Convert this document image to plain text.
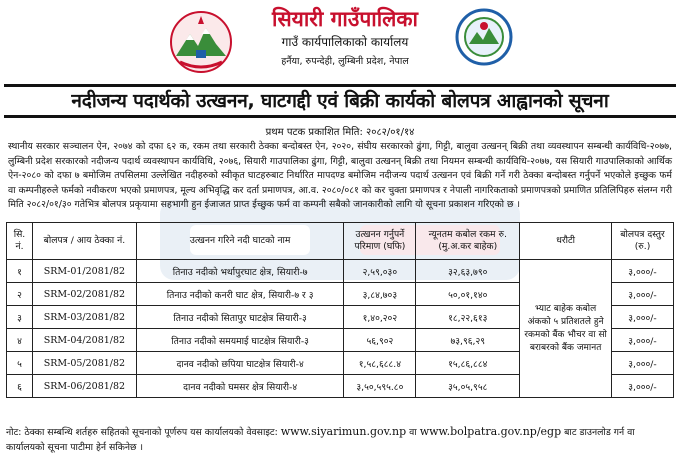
सियारी गाउँपालिका
गाउँ कार्यपालिकाको कार्यालय
हर्नैया, रुपन्देही, लुम्बिनी प्रदेश, नेपाल
नदीजन्य पदार्थको उत्खनन, घाटगद्दी एवं बिक्री कार्यको बोलपत्र आह्वानको सूचना
प्रथम पटक प्रकाशित मिति: २०८२/०१/१४
स्थानीय सरकार सञ्चालन ऐन, २०७४ को दफा ६२ क, रकम तथा सरकारी ठेक्का बन्दोबस्त ऐन, २०२०, संघीय सरकारको ढुंगा, गिट्टी, बालुवा उत्खनन् बिक्री तथा व्यवस्थापन सम्बन्धी कार्यविधि-२०७७, लुम्बिनी प्रदेश सरकारको नदीजन्य पदार्थ व्यवस्थापन कार्यविधि, २०७६, सियारी गाउपालिका ढुंगा, गिट्टी, बालुवा उत्खनन् बिक्री तथा नियमन सम्बन्धी कार्यविधि-२०७७, यस सियारी गाउपालिकाको आर्थिक ऐन-२०८० को दफा ७ बमोजिम तपसिलमा उल्लेखित नदीहरुको स्वीकृत घाटहरुबाट निर्धारित मापदण्ड बमोजिम नदीजन्य पदार्थ उत्खनन एवं बिक्री गर्ने गरी ठेक्का बन्दोबस्त गर्नुपर्ने भएकोले इच्छुक फर्म वा कम्पनीहरुले फर्मको नवीकरण भएको प्रमाणपत्र, मूल्य अभिवृद्धि कर दर्ता प्रमाणपत्र, आ.व. २०८०/०८१ को कर चुक्ता प्रमाणपत्र र नेपाली नागरिकताको प्रमाणपत्रको प्रमाणित प्रतिलिपिहरु संलग्न गरी मिति २०८२/०१/३० गतेभित्र बोलपत्र प्रकृयामा सहभागी हुन ईजाजत प्राप्त ईच्छुक फर्म वा कम्पनी सबैको जानकारीको लागि यो सूचना प्रकाशन गरिएको छ ।
सि. नं.	बोलपत्र / आय ठेक्का नं.	उत्खनन गरिने नदी घाटको नाम	उत्खनन गर्नुपर्ने परिमाण (घफि)	न्यूनतम कबोल रकम रु. (मु.अ.कर बाहेक)	धरौटी	बोलपत्र दस्तुर (रु.)
१	SRM-01/2081/82	तिनाउ नदीको भर्थापुरघाट क्षेत्र, सियारी-७	२,५९,०३०	३२,६३,७९०	भ्याट बाहेक कबोल अंकको ५ प्रतिशतले हुने रकमको बैंक भौचर वा सो बराबरको बैंक जमानत	३,०००/-
२	SRM-02/2081/82	तिनाउ नदीको कनरी घाट क्षेत्र, सियारी-७ र ३	३,८४,७०३	५०,०१,१४०		३,०००/-
३	SRM-03/2081/82	तिनाउ नदीको सितापुर घाटक्षेत्र सियारी-३	१,४०,२०२	१८,२२,६१३		३,०००/-
४	SRM-04/2081/82	तिनाउ नदीको समयमाई घाटक्षेत्र सियारी-३	५६,९०२	७३,९६,२९		३,०००/-
५	SRM-05/2081/82	दानव नदीको छपिया घाटक्षेत्र सियारी-४	१,५८,६८८.४	१५,८६,८८४		३,०००/-
६	SRM-06/2081/82	दानव नदीको घमसर क्षेत्र सियारी-४	३,५०,५९५.८०	३५,०५,९५८		३,०००/-
नोट: ठेक्का सम्बन्धि शर्तहरु सहितको सूचनाको पूर्णरुप यस कार्यालयको वेवसाइट: www.siyarimun.gov.np वा www.bolpatra.gov.np/egp बाट डाउनलोड गर्न वा कार्यालयको सूचना पाटीमा हेर्न सकिनेछ ।
